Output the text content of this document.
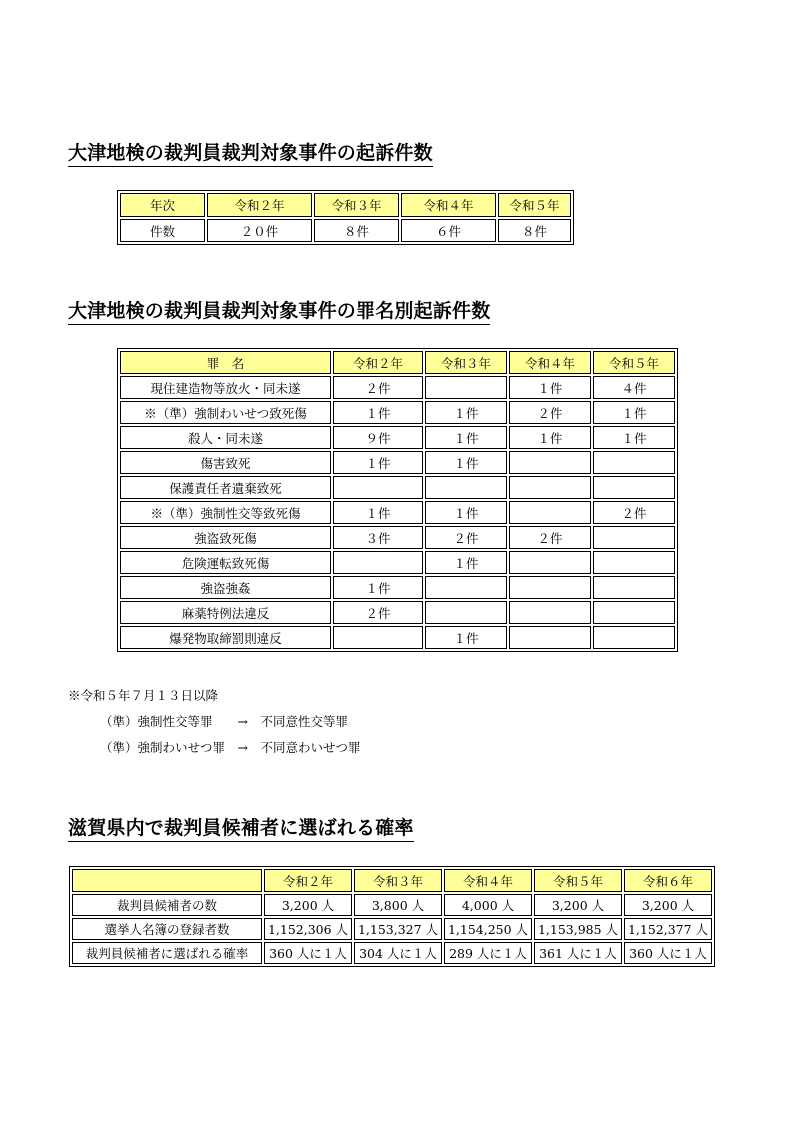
大津地検の裁判員裁判対象事件の起訴件数
年次	令和２年	令和３年	令和４年	令和５年
件数	２０件	８件	６件	８件
大津地検の裁判員裁判対象事件の罪名別起訴件数
罪　名	令和２年	令和３年	令和４年	令和５年
現住建造物等放火・同未遂	２件		１件	４件
※（準）強制わいせつ致死傷	１件	１件	２件	１件
殺人・同未遂	９件	１件	１件	１件
傷害致死	１件	１件		
保護責任者遺棄致死				
※（準）強制性交等致死傷	１件	１件		２件
強盗致死傷	３件	２件	２件	
危険運転致死傷		１件		
強盗強姦	１件			
麻薬特例法違反	２件			
爆発物取締罰則違反		１件		
※令和５年７月１３日以降
（準）強制性交等罪　　→　不同意性交等罪
（準）強制わいせつ罪　→　不同意わいせつ罪
滋賀県内で裁判員候補者に選ばれる確率
	令和２年	令和３年	令和４年	令和５年	令和６年
裁判員候補者の数	3,200 人	3,800 人	4,000 人	3,200 人	3,200 人
選挙人名簿の登録者数	1,152,306 人	1,153,327 人	1,154,250 人	1,153,985 人	1,152,377 人
裁判員候補者に選ばれる確率	360 人に１人	304 人に１人	289 人に１人	361 人に１人	360 人に１人
